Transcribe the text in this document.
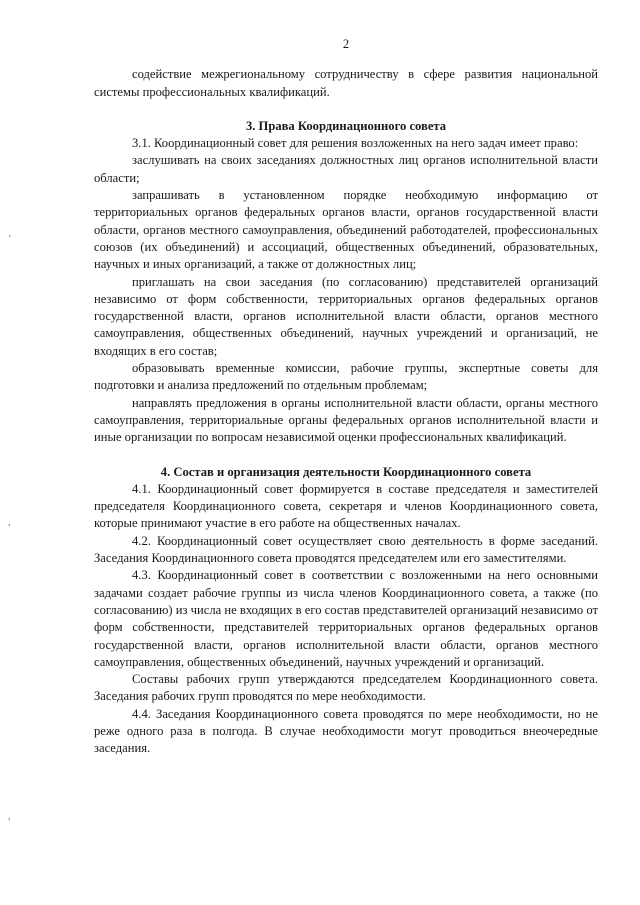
‚
,
,
2

содействие межрегиональному сотрудничеству в сфере развития национальной системы профессиональных квалификаций.

3. Права Координационного совета

3.1. Координационный совет для решения возложенных на него задач имеет право:

заслушивать на своих заседаниях должностных лиц органов исполнительной власти области;

запрашивать в установленном порядке необходимую информацию от территориальных органов федеральных органов власти, органов государственной власти области, органов местного самоуправления, объединений работодателей, профессиональных союзов (их объединений) и ассоциаций, общественных объединений, образовательных, научных и иных организаций, а также от должностных лиц;

приглашать на свои заседания (по согласованию) представителей организаций независимо от форм собственности, территориальных органов федеральных органов государственной власти, органов исполнительной власти области, органов местного самоуправления, общественных объединений, научных учреждений и организаций, не входящих в его состав;

образовывать временные комиссии, рабочие группы, экспертные советы для подготовки и анализа предложений по отдельным проблемам;

направлять предложения в органы исполнительной власти области, органы местного самоуправления, территориальные органы федеральных органов исполнительной власти и иные организации по вопросам независимой оценки профессиональных квалификаций.

4. Состав и организация деятельности Координационного совета

4.1. Координационный совет формируется в составе председателя и заместителей председателя Координационного совета, секретаря и членов Координационного совета, которые принимают участие в его работе на общественных началах.

4.2. Координационный совет осуществляет свою деятельность в форме заседаний. Заседания Координационного совета проводятся председателем или его заместителями.

4.3. Координационный совет в соответствии с возложенными на него основными задачами создает рабочие группы из числа членов Координационного совета, а также (по согласованию) из числа не входящих в его состав представителей организаций независимо от форм собственности, представителей территориальных органов федеральных органов государственной власти, органов исполнительной власти области, органов местного самоуправления, общественных объединений, научных учреждений и организаций.

Составы рабочих групп утверждаются председателем Координационного совета. Заседания рабочих групп проводятся по мере необходимости.

4.4. Заседания Координационного совета проводятся по мере необходимости, но не реже одного раза в полгода. В случае необходимости могут проводиться внеочередные заседания.
